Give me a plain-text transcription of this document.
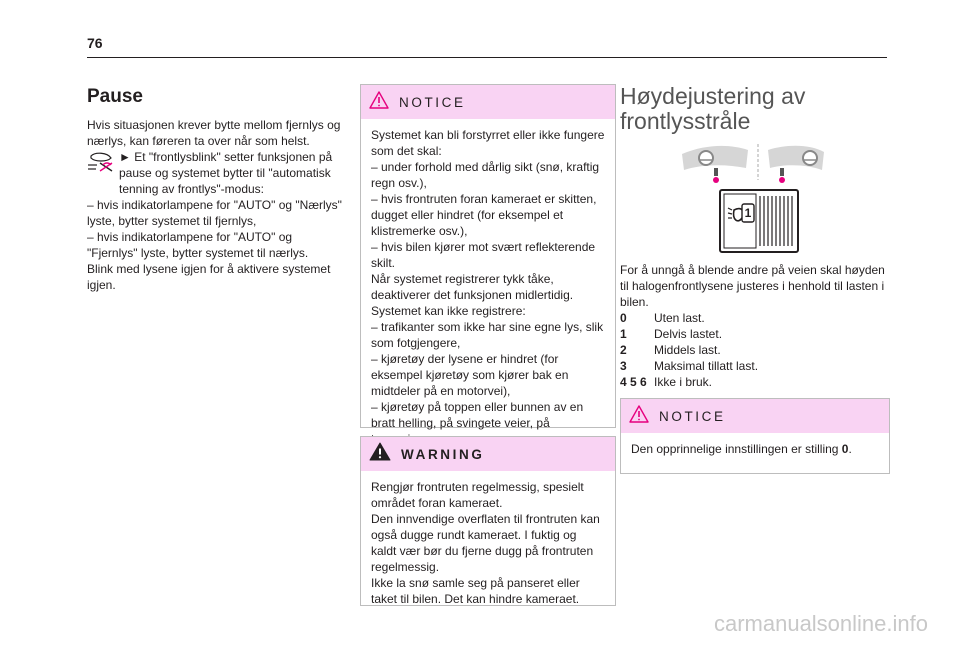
76
Pause

Hvis situasjonen krever bytte mellom fjernlys og nærlys, kan føreren ta over når som helst.

► Et "frontlysblink" setter funksjonen på pause og systemet bytter til "automatisk tenning av frontlys"-modus:

– hvis indikatorlampene for "AUTO" og "Nærlys" lyste, bytter systemet til fjernlys,

– hvis indikatorlampene for "AUTO" og "Fjernlys" lyste, bytter systemet til nærlys.

Blink med lysene igjen for å aktivere systemet igjen.

NOTICE

Systemet kan bli forstyrret eller ikke fungere som det skal:

– under forhold med dårlig sikt (snø, kraftig regn osv.),

– hvis frontruten foran kameraet er skitten, dugget eller hindret (for eksempel et klistremerke osv.),

– hvis bilen kjører mot svært reflekterende skilt.

Når systemet registrerer tykk tåke, deaktiverer det funksjonen midlertidig.

Systemet kan ikke registrere:

– trafikanter som ikke har sine egne lys, slik som fotgjengere,

– kjøretøy der lysene er hindret (for eksempel kjøretøy som kjører bak en midtdeler på en motorvei),

– kjøretøy på toppen eller bunnen av en bratt helling, på svingete veier, på

WARNING

Rengjør frontruten regelmessig, spesielt området foran kameraet.

Den innvendige overflaten til frontruten kan også dugge rundt kameraet. I fuktig og kaldt vær bør du fjerne dugg på frontruten regelmessig.

Ikke la snø samle seg på panseret eller taket til bilen. Det kan hindre kameraet.

Høydejustering av
frontlysstråle
1

For å unngå å blende andre på veien skal høyden til halogenfrontlysene justeres i henhold til lasten i bilen.

0	Uten last.
1	Delvis lastet.
2	Middels last.
3	Maksimal tillatt last.
4 5 6 Ikke i bruk.
NOTICE

Den opprinnelige innstillingen er stilling 0.

carmanualsonline.info
